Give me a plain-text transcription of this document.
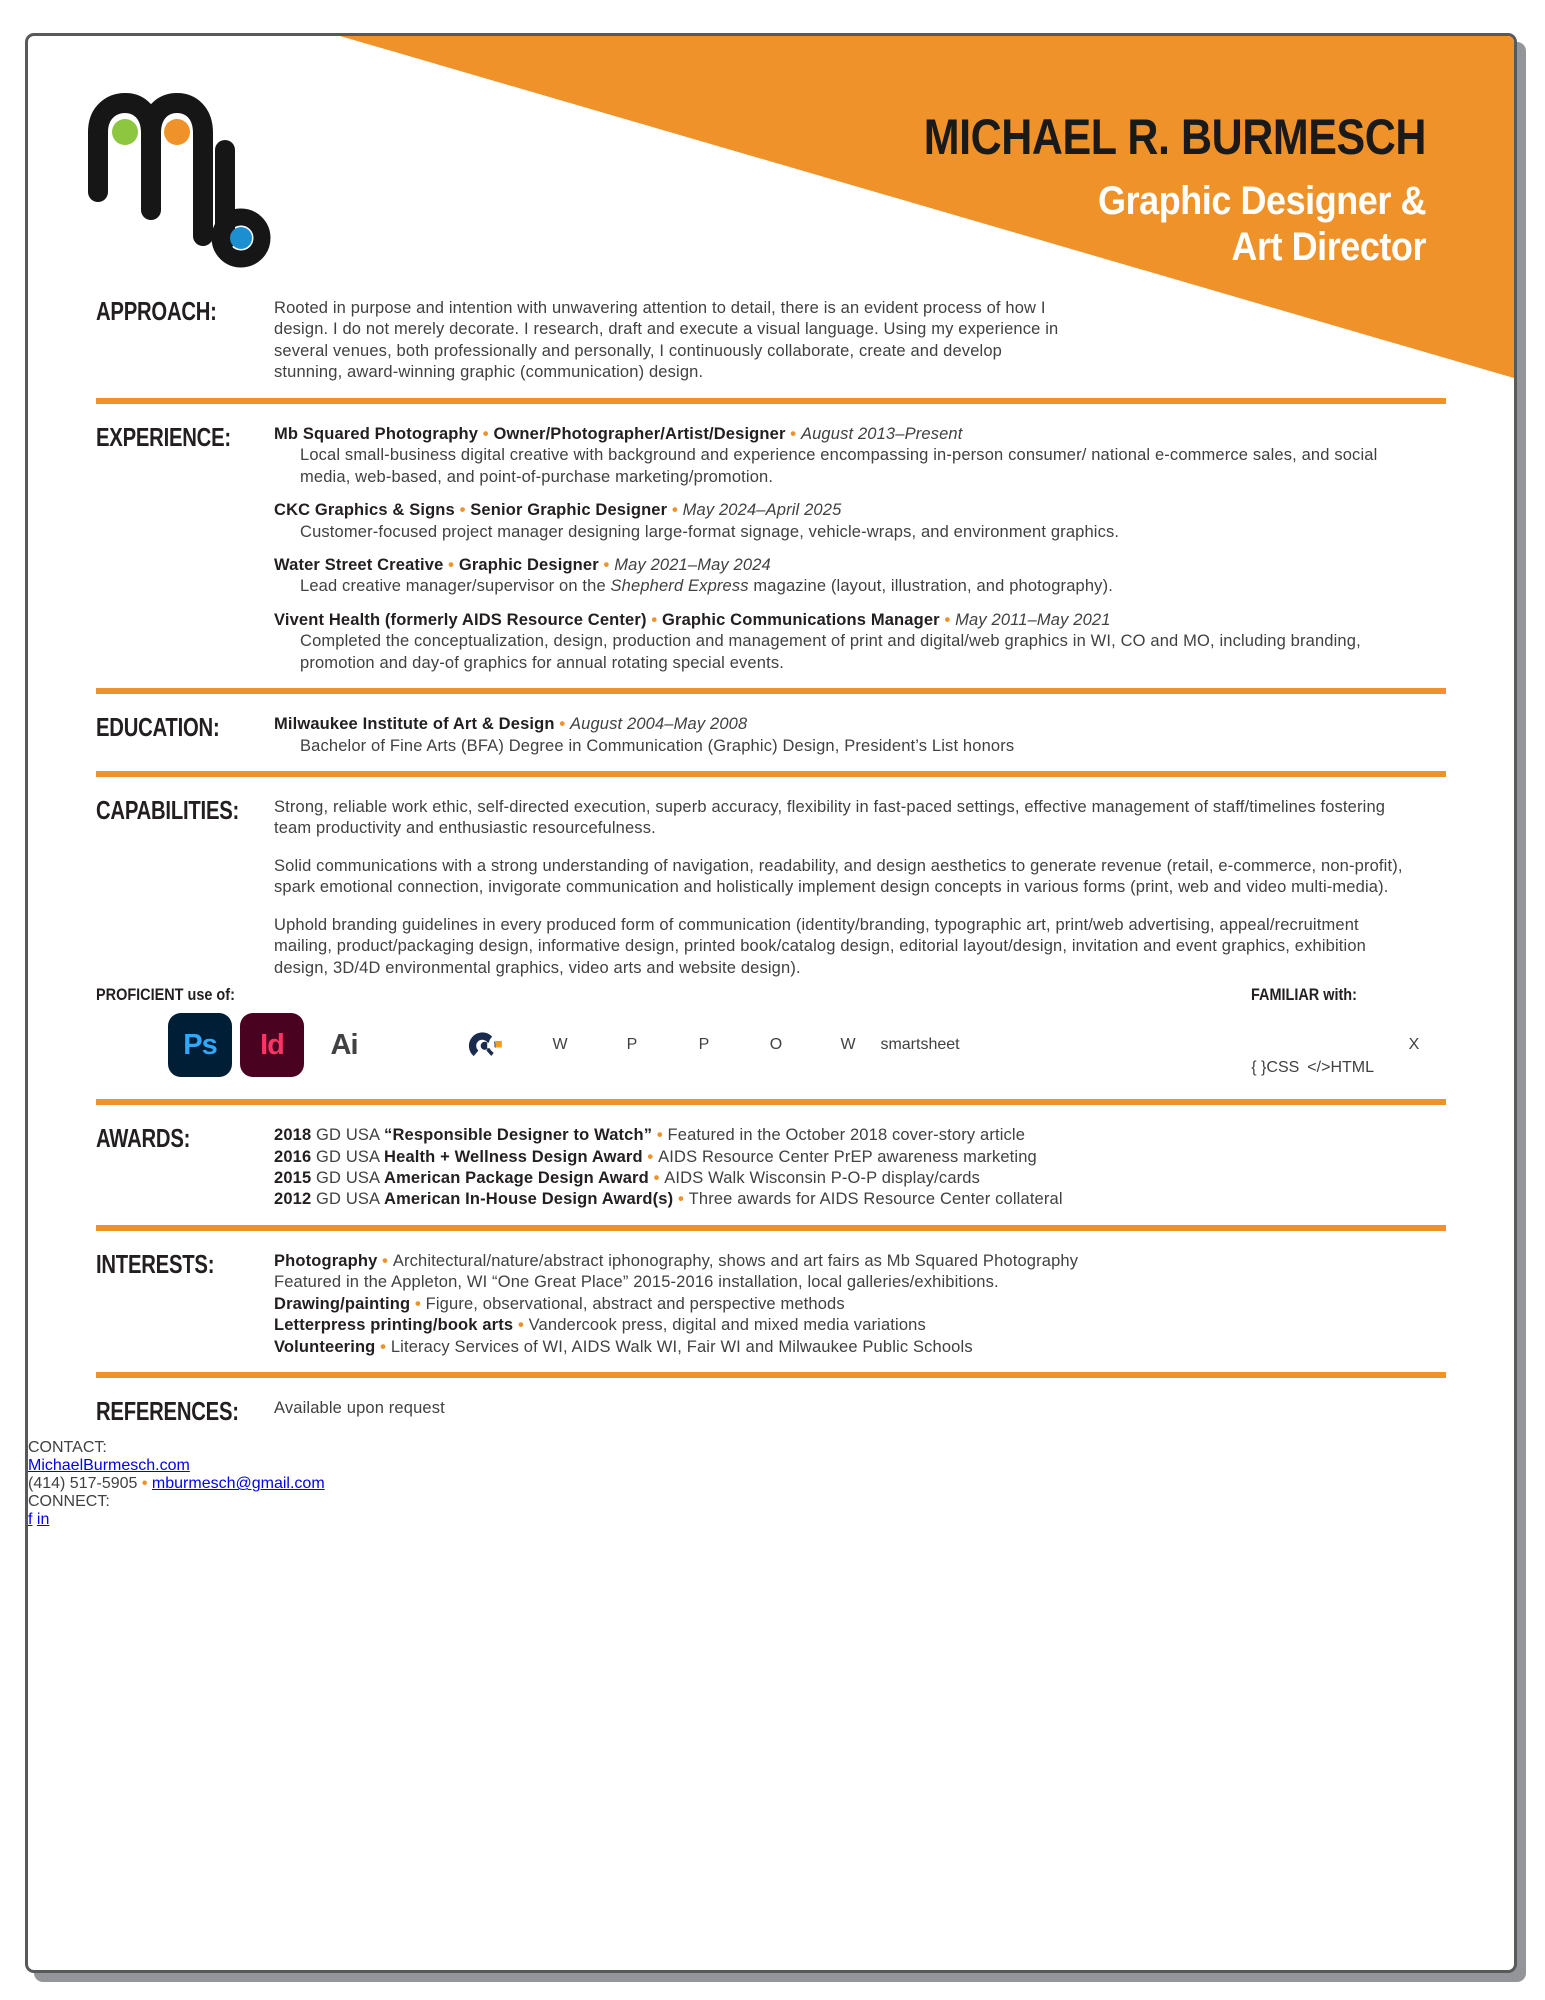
MICHAEL R. BURMESCH
Graphic Designer &
Art Director
APPROACH:	Rooted in purpose and intention with unwavering attention to detail, there is an evident process of how I design. I do not merely decorate. I research, draft and execute a visual language. Using my experience in several venues, both professionally and personally, I continuously collaborate, create and develop stunning, award-winning graphic (communication) design.
EXPERIENCE:	Mb Squared Photography • Owner/Photographer/Artist/Designer • August 2013–Present
Local small-business digital creative with background and experience encompassing in-person consumer/ national e-commerce sales, and social media, web-based, and point-of-purchase marketing/promotion.
CKC Graphics & Signs • Senior Graphic Designer • May 2024–April 2025
Customer-focused project manager designing large-format signage, vehicle-wraps, and environment graphics.
Water Street Creative • Graphic Designer • May 2021–May 2024
Lead creative manager/supervisor on the Shepherd Express magazine (layout, illustration, and photography).
Vivent Health (formerly AIDS Resource Center) • Graphic Communications Manager • May 2011–May 2021
Completed the conceptualization, design, production and management of print and digital/web graphics in WI, CO and MO, including branding, promotion and day-of graphics for annual rotating special events.
EDUCATION:	Milwaukee Institute of Art & Design • August 2004–May 2008
Bachelor of Fine Arts (BFA) Degree in Communication (Graphic) Design, President’s List honors
CAPABILITIES:	Strong, reliable work ethic, self-directed execution, superb accuracy, flexibility in fast-paced settings, effective management of staff/timelines fostering team productivity and enthusiastic resourcefulness.

Solid communications with a strong understanding of navigation, readability, and design aesthetics to generate revenue (retail, e-commerce, non-profit), spark emotional connection, invigorate communication and holistically implement design concepts in various forms (print, web and video multi-media).

Uphold branding guidelines in every produced form of communication (identity/branding, typographic art, print/web advertising, appeal/recruitment mailing, product/packaging design, informative design, printed book/catalog design, editorial layout/design, invitation and event graphics, exhibition design, 3D/4D environmental graphics, video arts and website design).

PROFICIENT use of:
Ps Id Ai	W	P	P	O	W smartsheet
FAMILIAR with:
{ }CSS </>HTML
X
AWARDS:	2018 GD USA “Responsible Designer to Watch” • Featured in the October 2018 cover-story article
2016 GD USA Health + Wellness Design Award • AIDS Resource Center PrEP awareness marketing
2015 GD USA American Package Design Award • AIDS Walk Wisconsin P-O-P display/cards
2012 GD USA American In-House Design Award(s) • Three awards for AIDS Resource Center collateral
INTERESTS:	Photography • Architectural/nature/abstract iphonography, shows and art fairs as Mb Squared Photography
Featured in the Appleton, WI “One Great Place” 2015-2016 installation, local galleries/exhibitions.
Drawing/painting • Figure, observational, abstract and perspective methods
Letterpress printing/book arts • Vandercook press, digital and mixed media variations
Volunteering • Literacy Services of WI, AIDS Walk WI, Fair WI and Milwaukee Public Schools
REFERENCES:	Available upon request
CONTACT:
MichaelBurmesch.com
(414) 517-5905 • mburmesch@gmail.com
CONNECT:
f in
